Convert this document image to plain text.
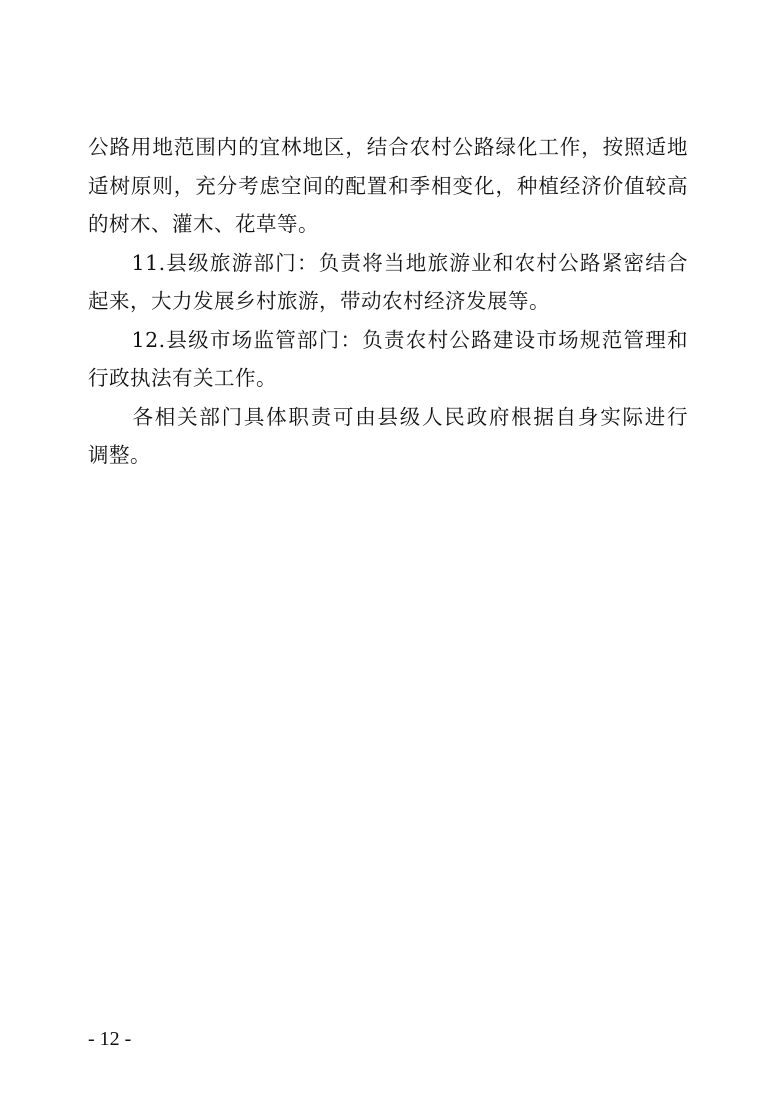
公路用地范围内的宜林地区，结合农村公路绿化工作，按照适地
适树原则，充分考虑空间的配置和季相变化，种植经济价值较高
的树木、灌木、花草等。
　　11.县级旅游部门：负责将当地旅游业和农村公路紧密结合
起来，大力发展乡村旅游，带动农村经济发展等。
　　12.县级市场监管部门：负责农村公路建设市场规范管理和
行政执法有关工作。
　　各相关部门具体职责可由县级人民政府根据自身实际进行
调整。
- 12 -
